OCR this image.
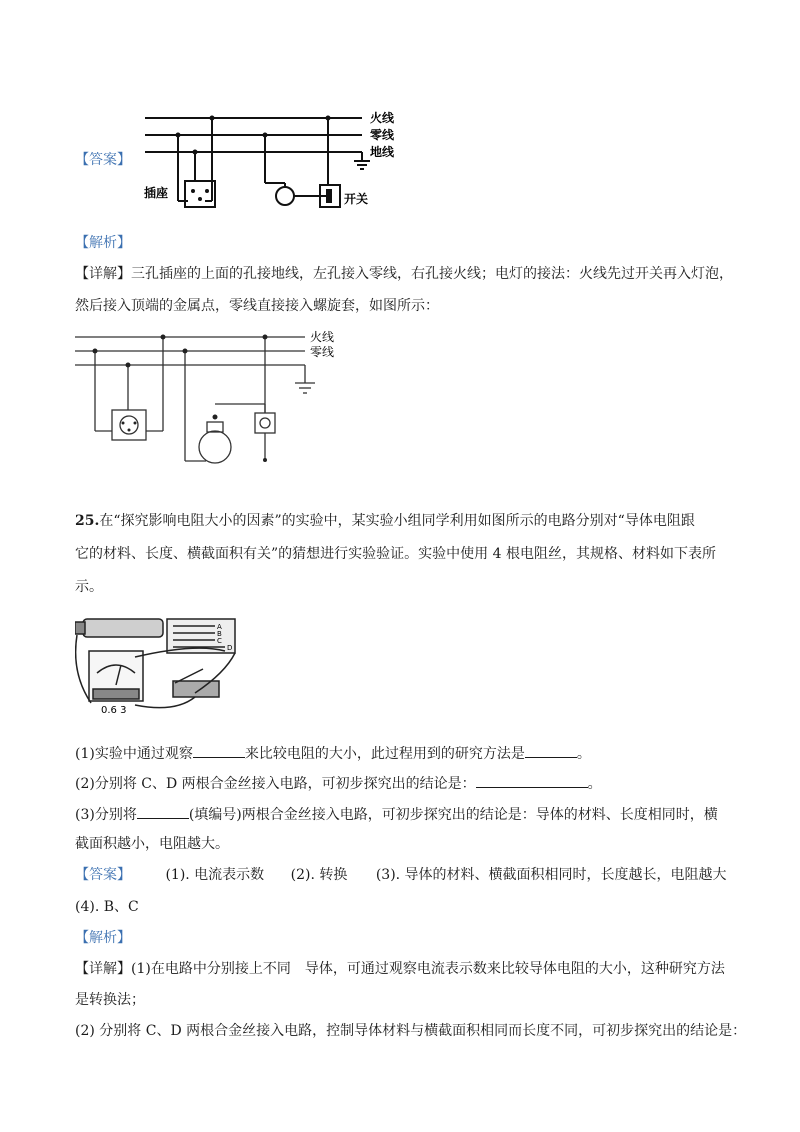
火线
零线
地线
插座	开关
【答案】
【解析】
【详解】三孔插座的上面的孔接地线，左孔接入零线，右孔接火线；电灯的接法：火线先过开关再入灯泡，
然后接入顶端的金属点，零线直接接入螺旋套，如图所示：
火线
零线
25.在“探究影响电阻大小的因素”的实验中，某实验小组同学利用如图所示的电路分别对“导体电阻跟
它的材料、长度、横截面积有关”的猜想进行实验验证。实验中使用 4 根电阻丝，其规格、材料如下表所
示。
A
B
C
D
0.6 3
(1)实验中通过观察	来比较电阻的大小，此过程用到的研究方法是	。
(2)分别将 C、D 两根合金丝接入电路，可初步探究出的结论是：	。
(3)分别将	(填编号)两根合金丝接入电路，可初步探究出的结论是：导体的材料、长度相同时，横
截面积越小，电阻越大。
【答案】 (1). 电流表示数 (2). 转换 (3). 导体的材料、横截面积相同时，长度越长，电阻越大
(4). B、C
【解析】
【详解】(1)在电路中分别接上不同　导体，可通过观察电流表示数来比较导体电阻的大小，这种研究方法
是转换法；
(2) 分别将 C、D 两根合金丝接入电路，控制导体材料与横截面积相同而长度不同，可初步探究出的结论是：
